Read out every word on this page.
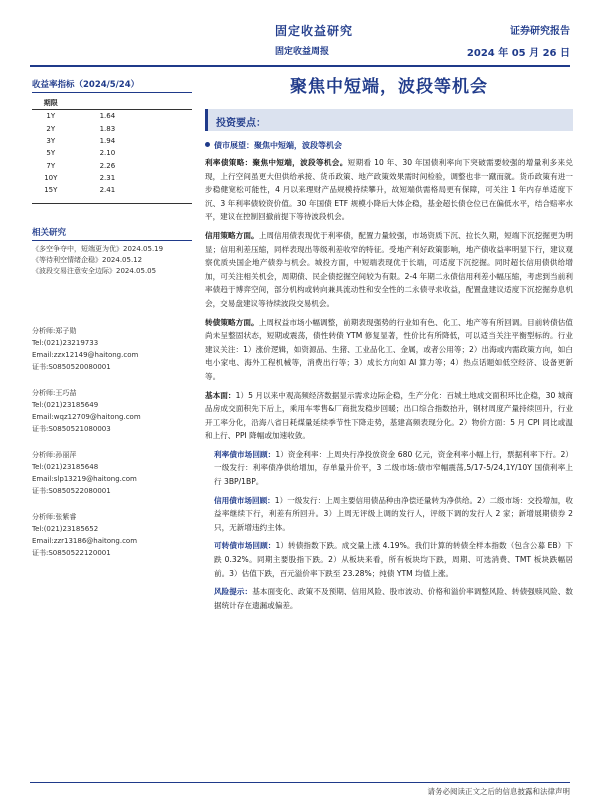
固定收益研究
固定收益周报
证券研究报告
2024 年 05 月 26 日
收益率指标（2024/5/24）
期限	
1Y	1.64
2Y	1.83
3Y	1.94
5Y	2.10
7Y	2.26
10Y	2.31
15Y	2.41
相关研究
《多空争夺中，短端更为优》2024.05.19
《等待利空情绪企稳》2024.05.12
《波段交易注意安全边际》2024.05.05
分析师:郑子勋
Tel:(021)23219733
Email:zzx12149@haitong.com
证书:S0850520080001
分析师:王巧喆
Tel:(021)23185649
Email:wqz12709@haitong.com
证书:S0850521080003
分析师:孙丽萍
Tel:(021)23185648
Email:slp13219@haitong.com
证书:S0850522080001
分析师:张紫睿
Tel:(021)23185652
Email:zzr13186@haitong.com
证书:S0850522120001
聚焦中短端，波段等机会
投资要点：
债市展望：聚焦中短端，波段等机会
利率债策略：聚焦中短端，波段等机会。短期看 10 年、30 年国债利率向下突破需要较强的增量利多来兑现，上行空间虽更大但供给承接、货币政策、地产政策效果需时间检验，调整也非一蹴而就。货币政策有进一步稳健宽松可能性，4 月以来理财产品规模持续攀升，故短端供需格局更有保障，可关注 1 年内存单适度下沉、3 年利率债较资价值。30 年国债 ETF 规模小降后大体企稳，基金超长债仓位已在偏低水平，结合赔率水平，建议在控制回撤前提下等待波段机会。
信用策略方面。上周信用债表现优于利率债，配置力量较强，市场资质下沉、拉长久期，短端下沉挖掘更为明显；信用利差压缩，同样表现出等级利差收窄的特征。受地产利好政策影响，地产债收益率明显下行，建议观察优质央国企地产债券与机会。城投方面，中短端表现优于长端，可适度下沉挖掘。同时超长信用债供给增加，可关注相关机会，周期债、民企债挖掘空间较为有限。2-4 年期二永债信用利差小幅压缩，考虑到当前利率债趋于博弈空间，部分机构或转向兼具流动性和安全性的二永债寻求收益，配置盘建议适度下沉挖掘券息机会，交易盘建议等待续波段交易机会。
转债策略方面。上周权益市场小幅调整，前期表现强势的行业如有色、化工、地产等有所回调。目前转债估值尚未呈整固状态，短期或震荡，债性转债 YTM 修复显著，性价比有所降低，可以适当关注平衡型标的。行业建议关注：1）涨价逻辑，如资源品、生猪、工业品化工、金属，或者公用等；2）出海或内需政策方向，如白电小家电、海外工程机械等，消费出行等；3）成长方向如 AI 算力等；4）热点话题如低空经济、设备更新等。
基本面：1）5 月以来中观高频经济数据显示需求边际企稳，生产分化：百城土地成交面积环比企稳，30 城商品房成交面积先下后上，乘用车零售&厂商批发稳步回暖；出口综合指数抬升，钢材周度产量持续回升，行业开工率分化，沿海八省日耗煤量延续季节性下降走势，基建高频表现分化。2）物价方面：5 月 CPI 同比或温和上行、PPI 降幅或加速收敛。
利率债市场回顾：1）资金利率：上周央行净投放资金 680 亿元，资金利率小幅上行，票据利率下行。2）一级发行：利率债净供给增加，存单量升价平，3 二级市场:债市窄幅震荡,5/17-5/24,1Y/10Y 国债利率上行 3BP/1BP。
信用债市场回顾：1）一级发行：上周主要信用债品种由净偿还量转为净供给。2）二级市场：交投增加，收益率继续下行，利差有所回升。3）上周无评级上调的发行人，评级下调的发行人 2 家；新增展期债券 2 只，无新增违约主体。
可转债市场回顾：1）转债指数下跌。成交量上涨 4.19%。我们计算的转债全样本指数（包含公募 EB）下跌 0.32%。同期主要股指下跌。2）从板块来看，所有板块均下跌，周期、可选消费、TMT 板块跌幅居前。3）估值下跌，百元溢价率下跌至 23.28%；纯债 YTM 均值上涨。
风险提示：基本面变化、政策不及预期、信用风险、股市波动、价格和溢价率调整风险、转债强赎风险、数据统计存在遗漏或偏差。
请务必阅读正文之后的信息披露和法律声明
